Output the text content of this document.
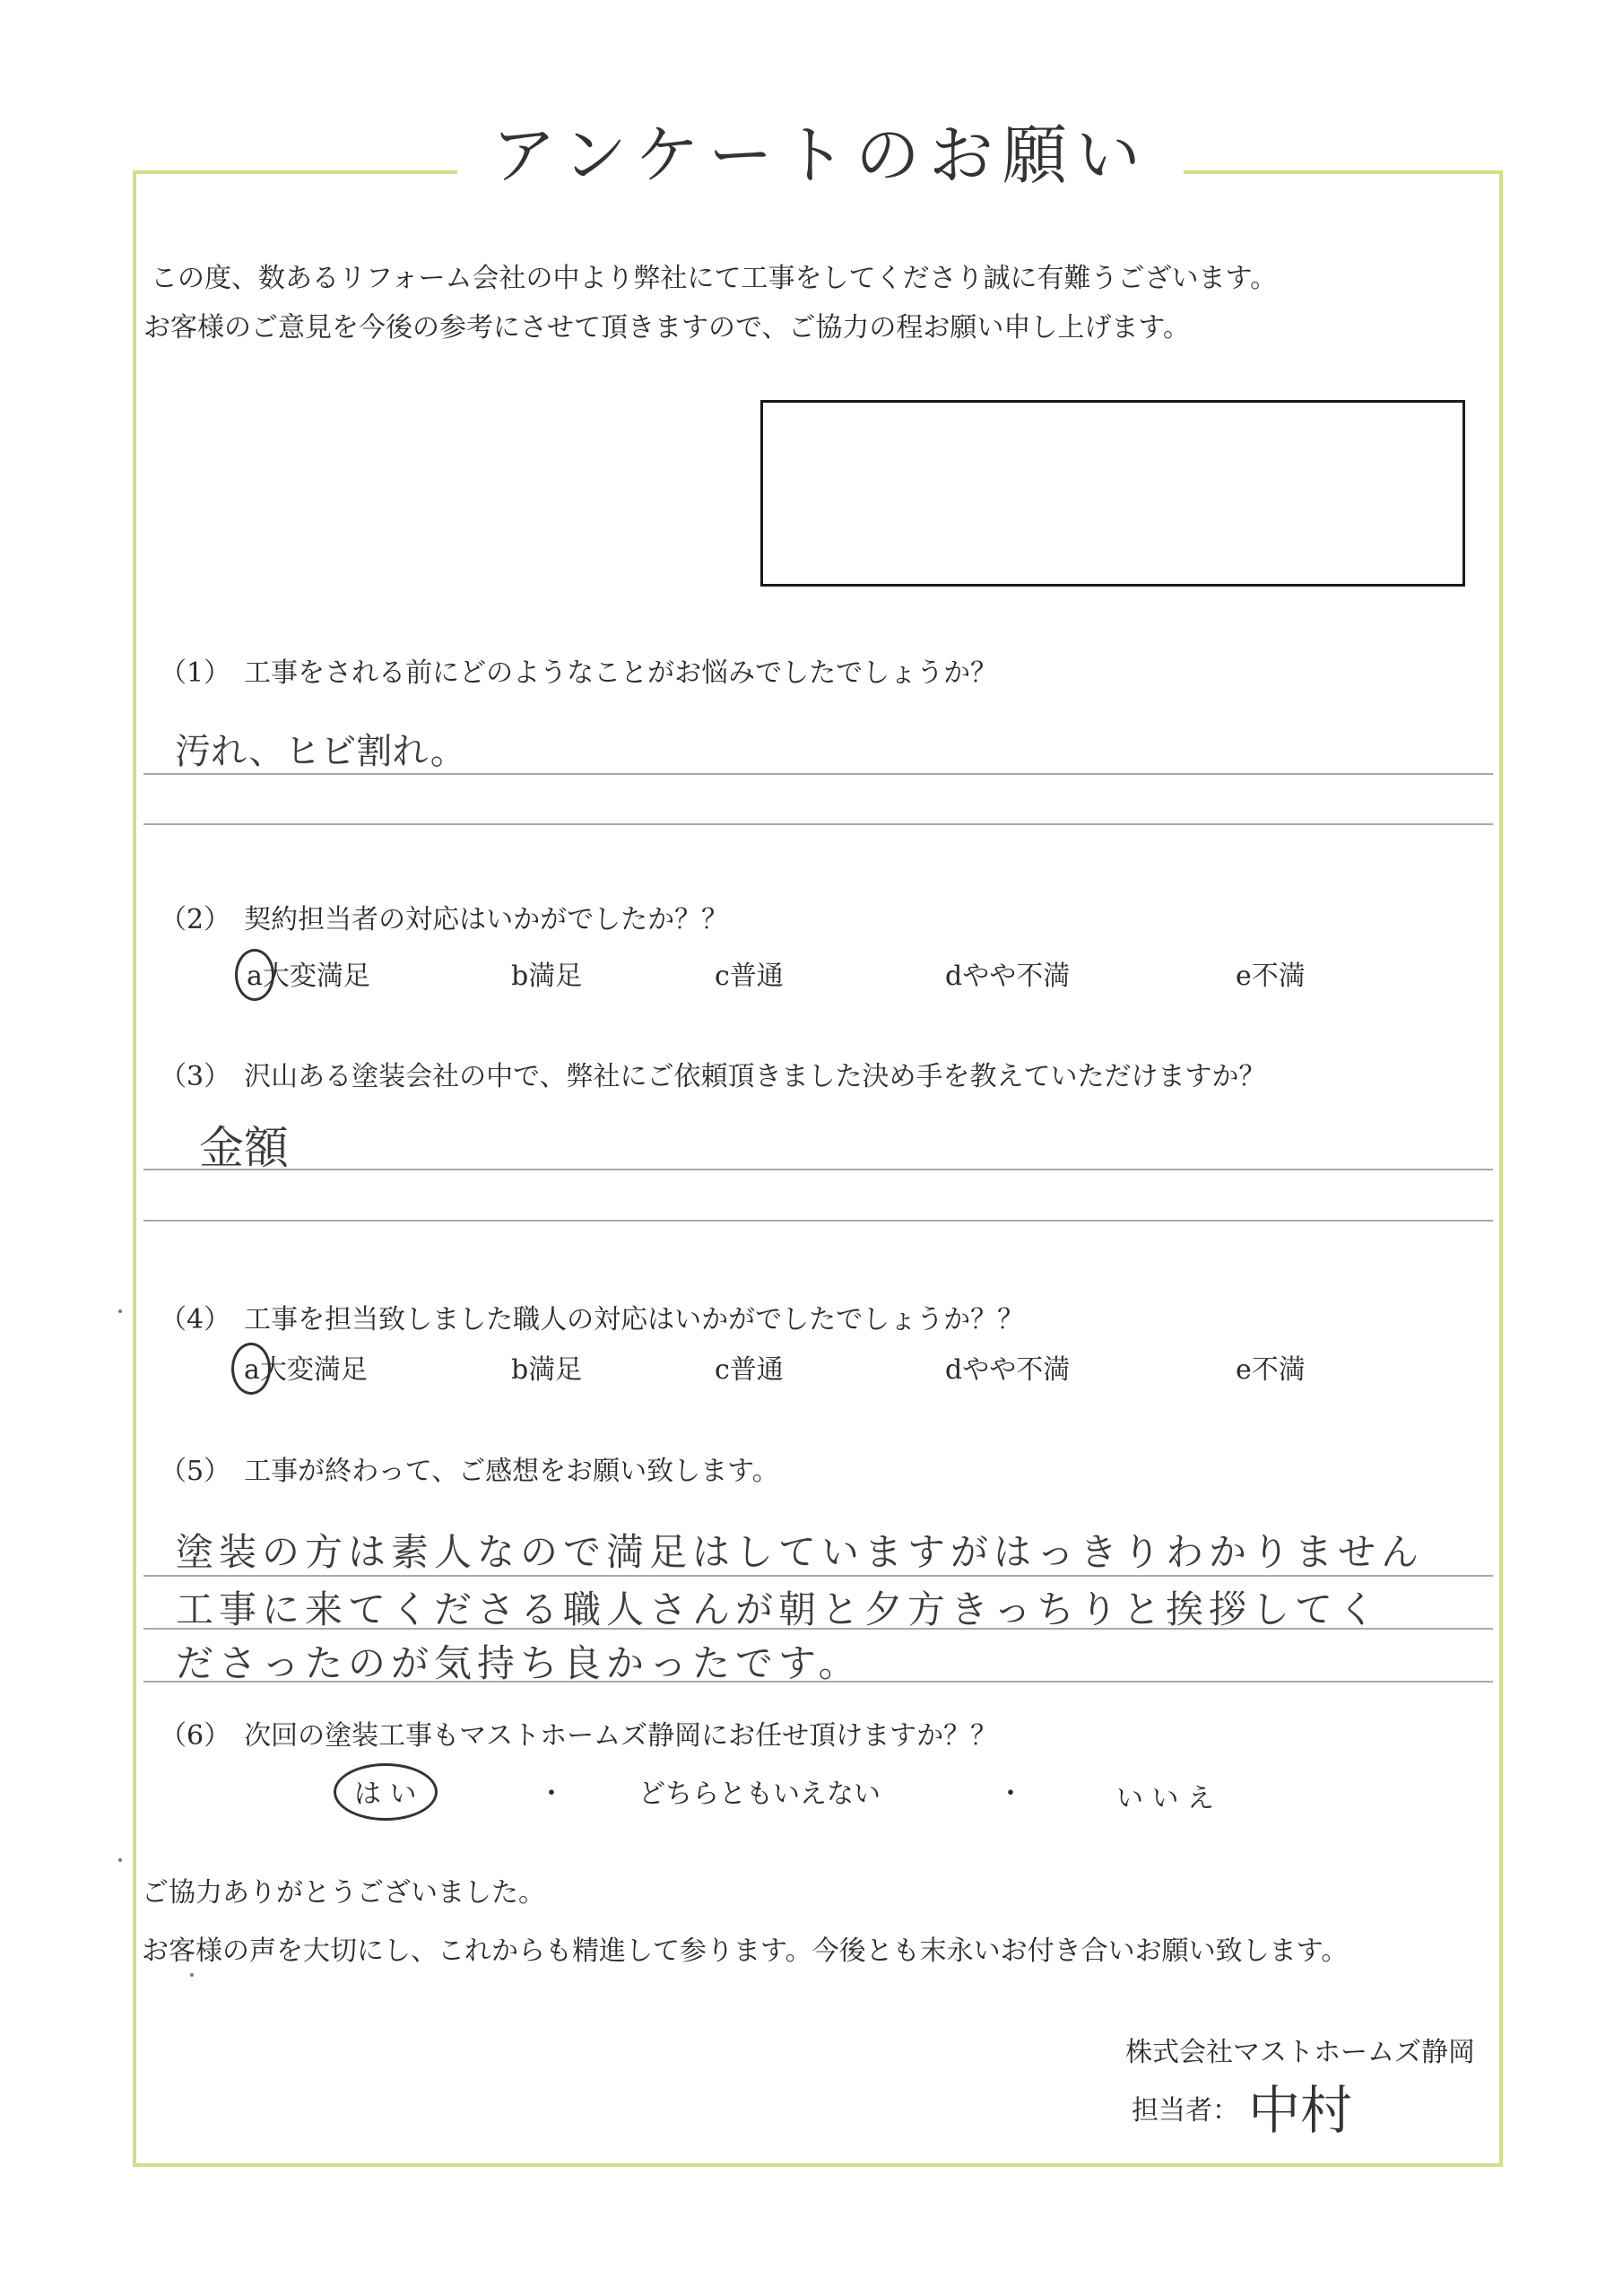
アンケートのお願い
この度、数あるリフォーム会社の中より弊社にて工事をしてくださり誠に有難うございます。
お客様のご意見を今後の参考にさせて頂きますので、ご協力の程お願い申し上げます。
（1）　工事をされる前にどのようなことがお悩みでしたでしょうか？
汚れ、ヒビ割れ。
（2）　契約担当者の対応はいかがでしたか？？
a大変満足	b満足	c普通	dやや不満	e不満
（3）　沢山ある塗装会社の中で、弊社にご依頼頂きました決め手を教えていただけますか？
金額
（4）　工事を担当致しました職人の対応はいかがでしたでしょうか？？
a大変満足	b満足	c普通	dやや不満	e不満
（5）　工事が終わって、ご感想をお願い致します。
塗装の方は素人なので満足はしていますがはっきりわかりません
工事に来てくださる職人さんが朝と夕方きっちりと挨拶してく
ださったのが気持ち良かったです。
（6）　次回の塗装工事もマストホームズ静岡にお任せ頂けますか？？
は い	・	どちらともいえない	・	い い え
ご協力ありがとうございました。
お客様の声を大切にし、これからも精進して参ります。今後とも末永いお付き合いお願い致します。
株式会社マストホームズ静岡
担当者： 中村
